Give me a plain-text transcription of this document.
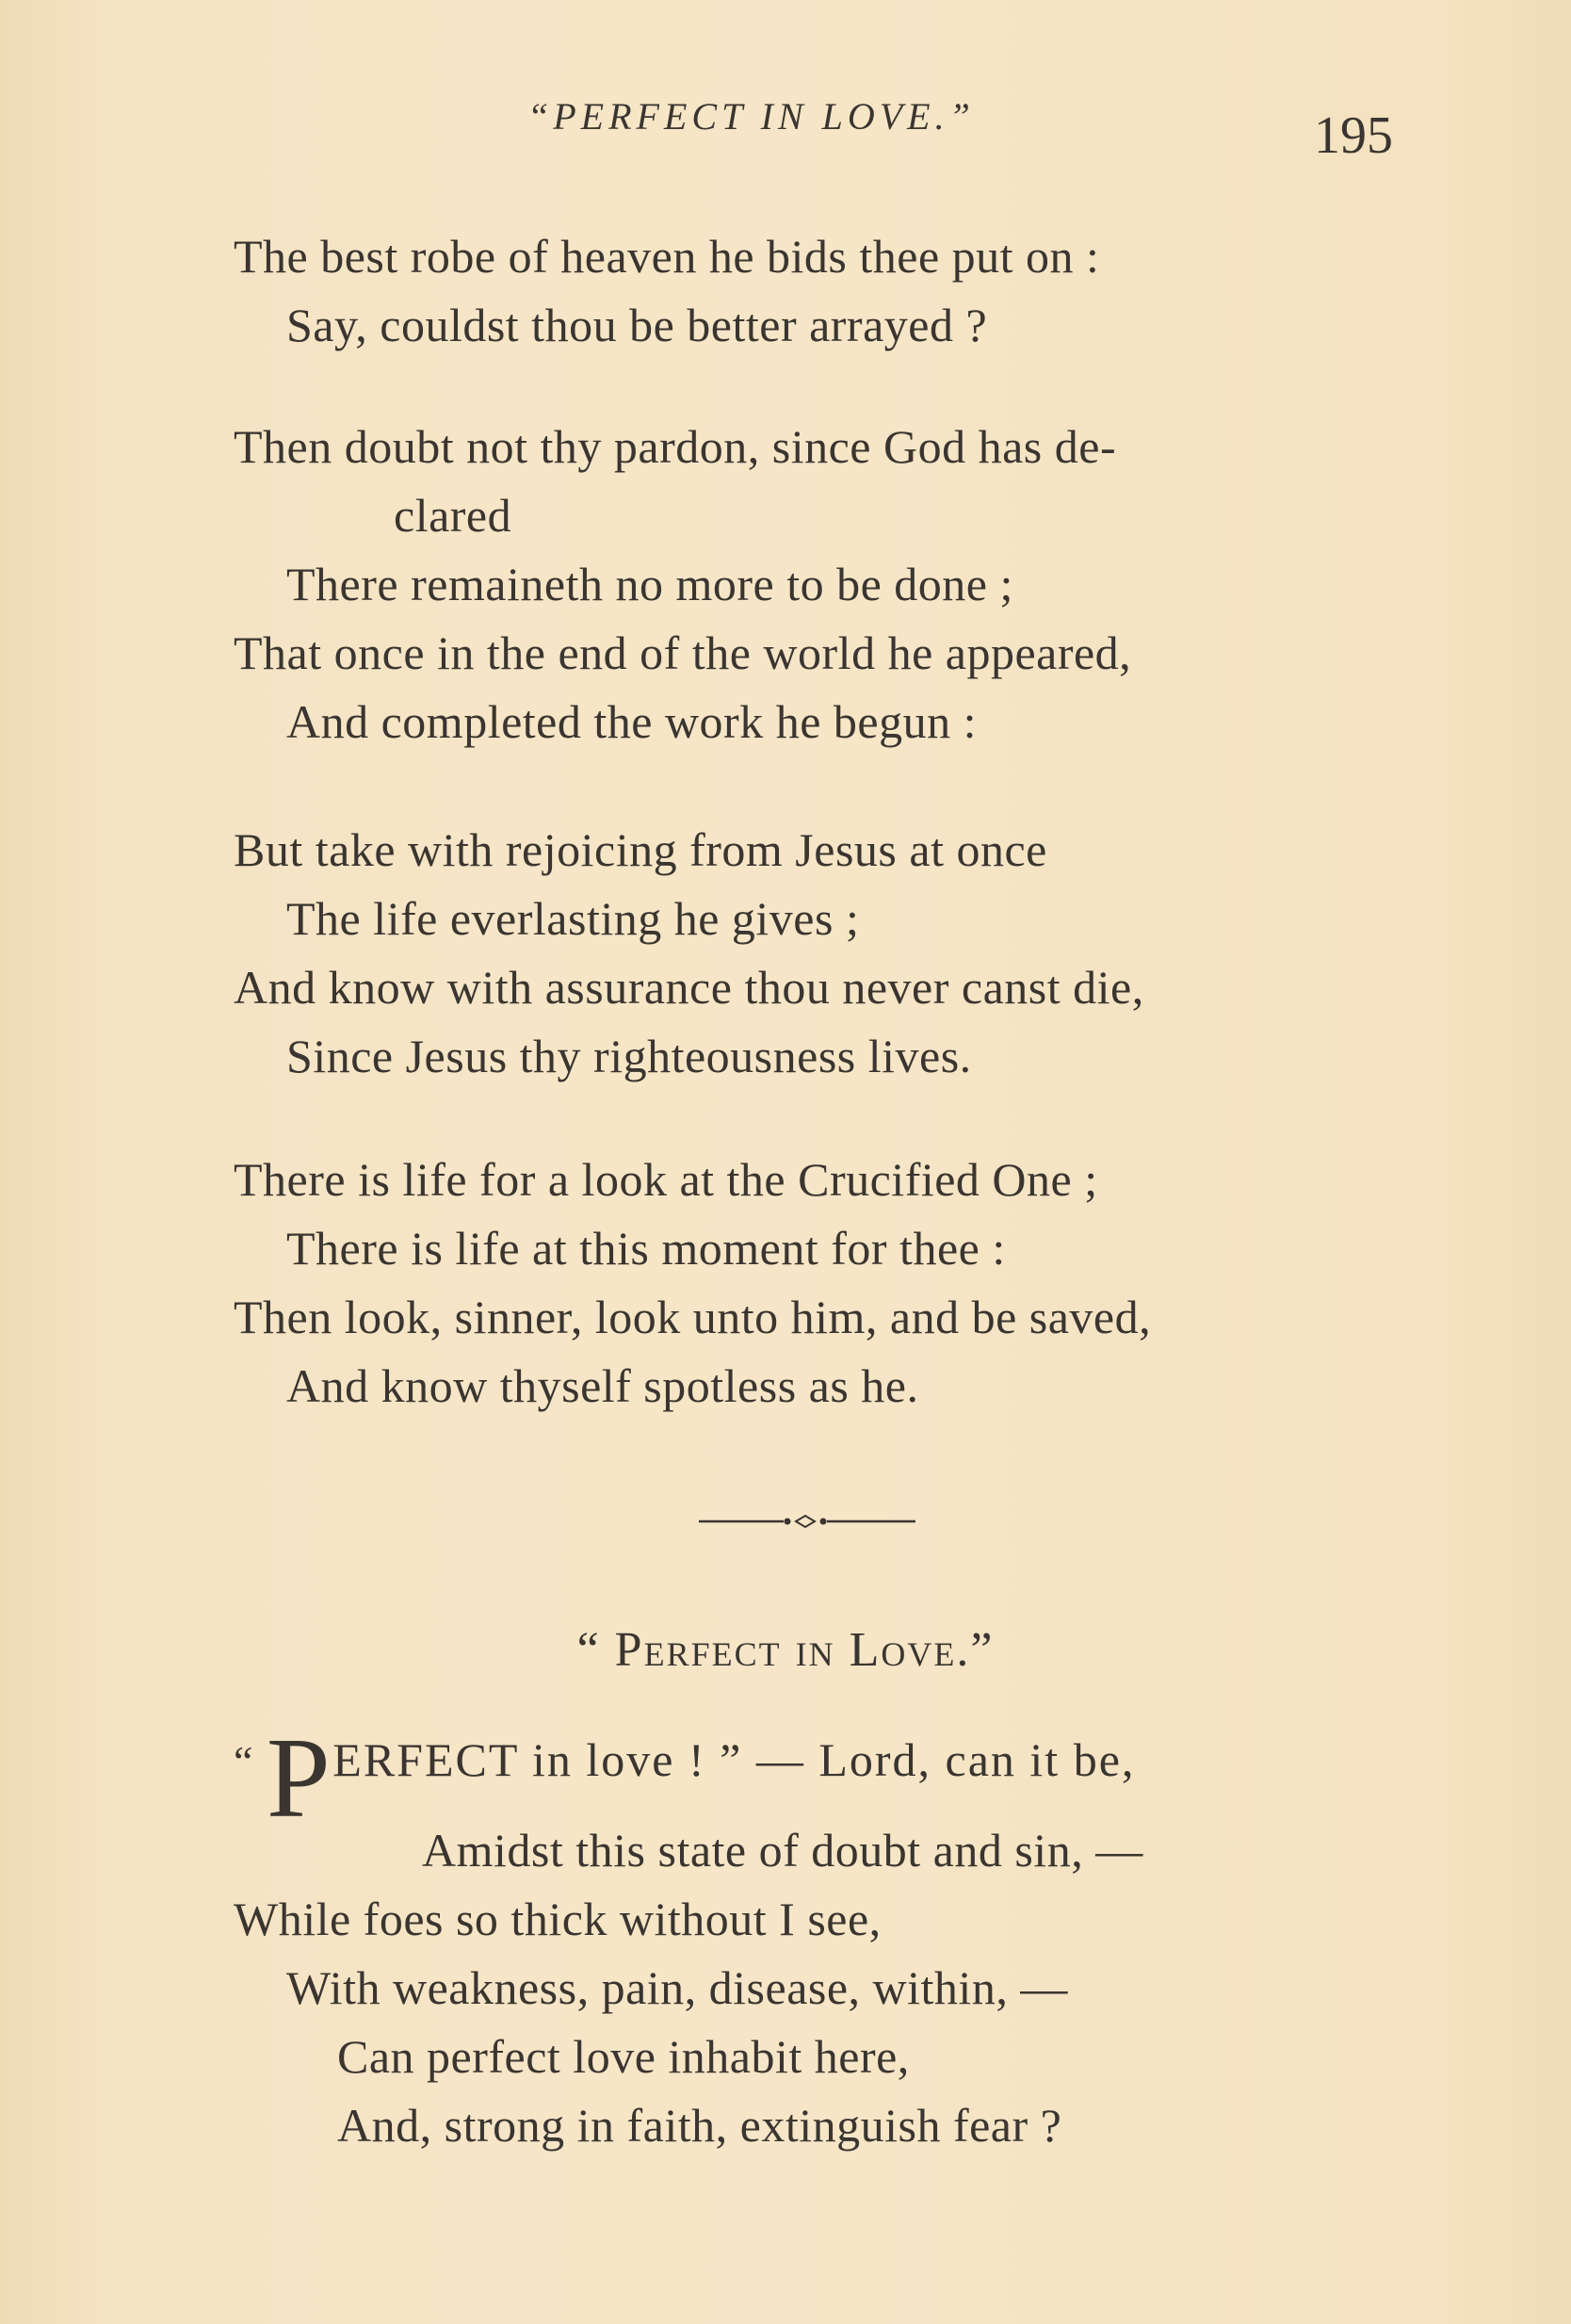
“PERFECT IN LOVE.”	195
The best robe of heaven he bids thee put on :
Say, couldst thou be better arrayed ?
Then doubt not thy pardon, since God has de-
clared
There remaineth no more to be done ;
That once in the end of the world he appeared,
And completed the work he begun :
But take with rejoicing from Jesus at once
The life everlasting he gives ;
And know with assurance thou never canst die,
Since Jesus thy righteousness lives.
There is life for a look at the Crucified One ;
There is life at this moment for thee :
Then look, sinner, look unto him, and be saved,
And know thyself spotless as he.
“ Perfect in Love.”
“ PERFECT in love ! ” — Lord, can it be,
Amidst this state of doubt and sin, —
While foes so thick without I see,
With weakness, pain, disease, within, —
Can perfect love inhabit here,
And, strong in faith, extinguish fear ?
